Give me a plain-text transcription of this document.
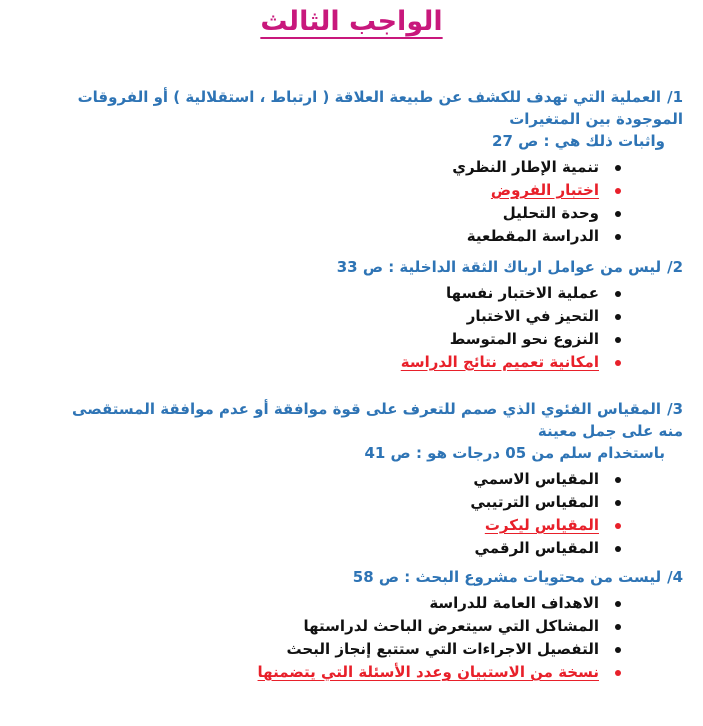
الواجب الثالث

1/العملية التي تهدف للكشف عن طبيعة العلاقة ( ارتباط ، استقلالية ) أو الفروقات الموجودة بين المتغيرات
واثبات ذلك هي : ص 27

تنمية الإطار النظري
اختبار الفروض
وحدة التحليل
الدراسة المقطعية

2/ليس من عوامل ارباك الثقة الداخلية : ص 33

عملية الاختبار نفسها
التحيز في الاختبار
النزوع نحو المتوسط
امكانية تعميم نتائج الدراسة

3/المقياس الفئوي الذي صمم للتعرف على قوة موافقة أو عدم موافقة المستقصى منه على جمل معينة
باستخدام سلم من 05 درجات هو : ص 41

المقياس الاسمي
المقياس الترتيبي
المقياس ليكرت
المقياس الرقمي

4/ليست من محتويات مشروع البحث : ص 58

الاهداف العامة للدراسة
المشاكل التي سيتعرض الباحث لدراستها
التفصيل الاجراءات التي ستتبع إنجاز البحث
نسخة من الاستبيان وعدد الأسئلة التي يتضمنها
